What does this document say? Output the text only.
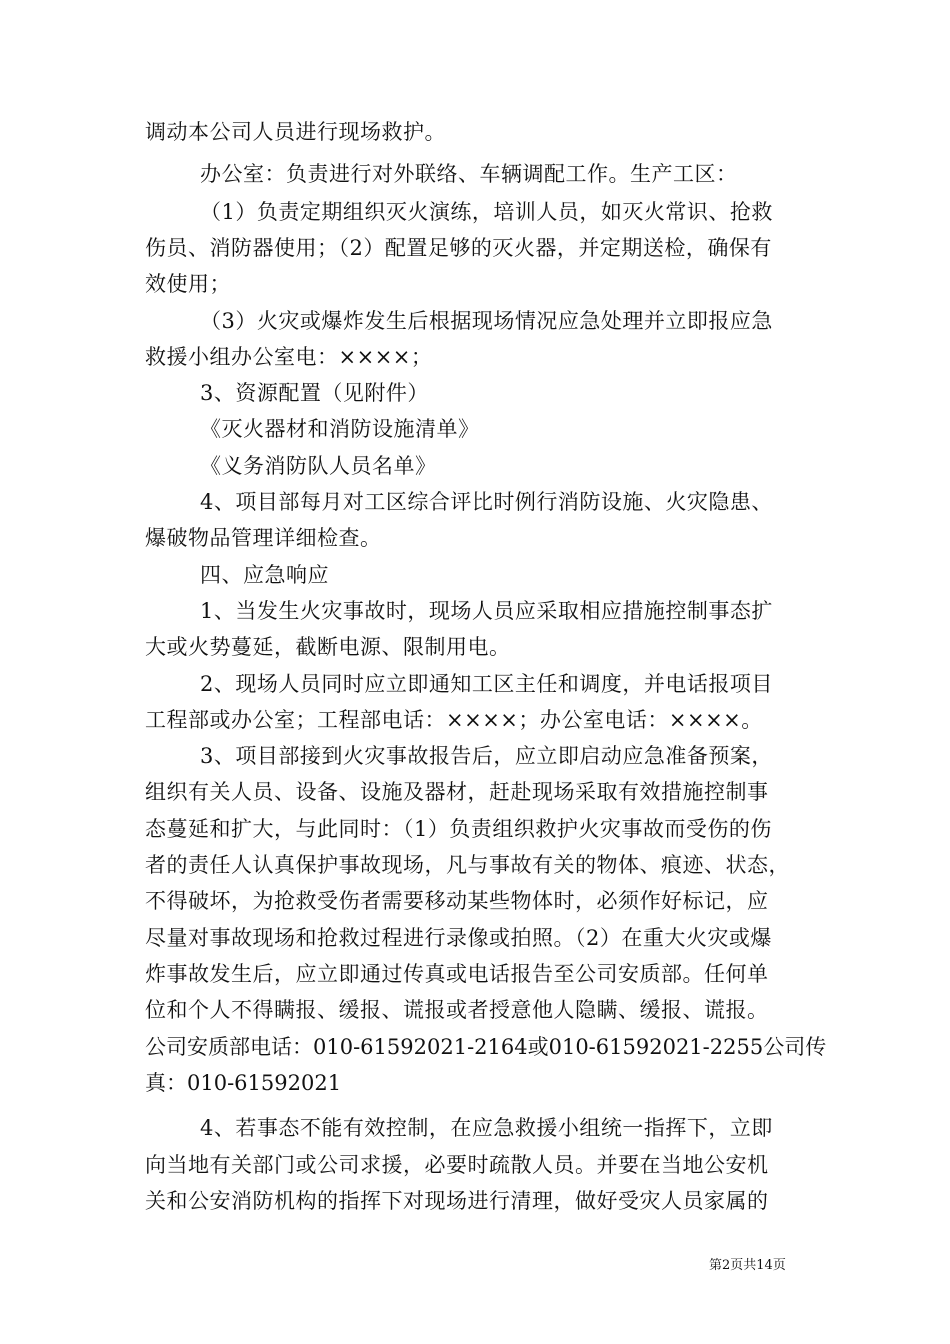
调动本公司人员进行现场救护。
办公室：负责进行对外联络、车辆调配工作。生产工区：
（1）负责定期组织灭火演练，培训人员，如灭火常识、抢救
伤员、消防器使用；（2）配置足够的灭火器，并定期送检，确保有
效使用；
（3）火灾或爆炸发生后根据现场情况应急处理并立即报应急
救援小组办公室电：××××；
3、资源配置（见附件）
《灭火器材和消防设施清单》
《义务消防队人员名单》
4、项目部每月对工区综合评比时例行消防设施、火灾隐患、
爆破物品管理详细检查。
四、应急响应
1、当发生火灾事故时，现场人员应采取相应措施控制事态扩
大或火势蔓延，截断电源、限制用电。
2、现场人员同时应立即通知工区主任和调度，并电话报项目
工程部或办公室；工程部电话：××××；办公室电话：××××。
3、项目部接到火灾事故报告后，应立即启动应急准备预案，
组织有关人员、设备、设施及器材，赶赴现场采取有效措施控制事
态蔓延和扩大，与此同时：（1）负责组织救护火灾事故而受伤的伤
者的责任人认真保护事故现场，凡与事故有关的物体、痕迹、状态，
不得破坏，为抢救受伤者需要移动某些物体时，必须作好标记，应
尽量对事故现场和抢救过程进行录像或拍照。（2）在重大火灾或爆
炸事故发生后，应立即通过传真或电话报告至公司安质部。任何单
位和个人不得瞒报、缓报、谎报或者授意他人隐瞒、缓报、谎报。
公司安质部电话：010-61592021-2164或010-61592021-2255公司传
真：010-61592021
4、若事态不能有效控制，在应急救援小组统一指挥下，立即
向当地有关部门或公司求援，必要时疏散人员。并要在当地公安机
关和公安消防机构的指挥下对现场进行清理，做好受灾人员家属的
第2页共14页
